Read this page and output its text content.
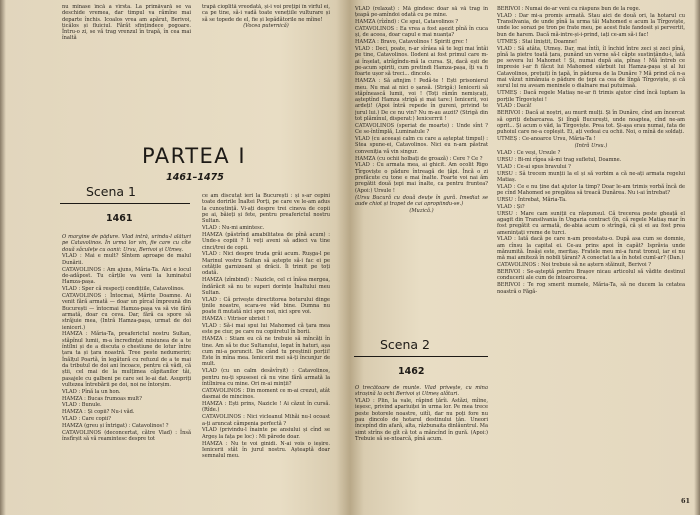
nu mînase încă a vîrsta. La primăvară se va deschide vremea, dar timpul va rămîne mai departe închis. Icoalos vrea am apărut, Berivoi, ticălos și fluiciul. Fărăt sfințindece pogoare. Întru-o zi, se vă trag vrenzul în trapă, în cea mai înaltă

trapă cioplită vreodată, și-i voi prețipi în vîrful ei, ca pe tine, să-i vadă toate venețiile vulturare și să se topede de el, fie și lepădătorile ne mîine!

(Vocea puternică)

PARTEA I
1461–1475
Scena 1
1461

O margine de pădure. Vlad intră, urîndu-l alături pe Catavolinos. În urma lor vin, fie care cu cîte două săculețe cu oanii: Ursu, Berivoi și Utmeș.

VLAD : Mai e mult? Sîntem aproape de malul Dunării.

CATAVOLINOS : Am ajuns, Măria-Ta. Aici e locul de-adăpost. Tu cărțile va veni la luminatul Hamza-pașa.

VLAD : Sper că respecți condițiile, Catavolinos.

CATAVOLINOS : Întocmai, Mărite Doamne. Ai venit fără armată — doar un pîrcal împreună din București — întocmai Hamza-pașa va să vie fără armată, doar cu ceva. Dar, fără ca spore să străjuie mea, (Intră Hamza-pașa, urmat de doi ieniceri.)

HAMZA : Măria-Ta, preaferictul nostru Sultan, stăpînul lumii, m-a încredințat misiunea de a te întîlni și de a discuta o chestiune de lotur între țara ta și țara noastră. Tree peste nedumeriri; Înălțul Poartă, în legătură cu refuzul de a te mai da tributul de doi ani încoace, pentru că vădi, că știi, cel mai de la mulțimea căpitanilor tăi, pasajele cu galbeni pe care sei le-ai dat. Asupriți vultezea întrebării pe doi, noi ne întorșim.

VLAD : Pînă la un hon.

HAMZA : Bucas frumoas mult?

VLAD : Bunule.

HAMZA : Și copii? Nu-i văd.

VLAD : Care copii?

HAMZA (greu și întrigat) : Catavolinos! ?

CATAVOLINOS (deconcertat, către Vlad) : Însă însfîrșit să vă reamintesc despre tot

ce am discutat ieri la București : și s-ar cepini toate doririle Înaltei Porți, pe care ve le-am adus la cunoștință. Vi-ați despre trei cineva de copii pe ai, băieți și fete, pentru preaferictul nostru Sultan.

VLAD : Nu-mi amintesc.

HAMZA (păstrînd amabilitatea de pînă acum) : Unde-s copiii ? Îi veți aveni să adieci va tine cinci/trei de copii.

VLAD : Nici despre truda grăi acum. Rușga-l pe Marinul vostru Sultan să aștepte să-i fac ei pe cetățile garnizoani și drăcii. Îi trimit pe toți odată.

HAMZA (zîmbind) : Nazicle, cel ci înăsa mergea, îndărăcit să nu te superi dorințe Înaltului meu Sultan.

VLAD : Că privește directitorea boturului dinge ținile noastre, scara-ve văd bine. Dumna nu poate fi mutată nici spre noi, nici spre voi.

HAMZA : Vitrisor ubrisit !

VLAD : Să-i mai spui lui Mahomed că țara mea este pe ciur, pe care nu copiiretul în borii.

HAMZA : Stiam eu că ne trebuie să mîncăți în tine. Am să te duc Sultanului, legat în haturi, așa cum mi-a poruncit. De când tu preștinii porții! Este în mîna mea. Ienicerii mei să-ți încunjur de mult.

VLAD (cu un calm desăvîrșit) : Catavolinos, pentru nu-ți spusesei că nu vine fără armată la întîlnirea cu mine. Ori m-ai minții?

CATAVOLINOS : Din moment ce m-ai crezut, atât dasmai de mincinos.

HAMZA : Ești prins, Nazicle ! Ai căzut în cursă. (Rîde.)

CATAVOLINOS : Nici vicleanul Mihăi nu-l ocoast a-ți aruncat câmpenia perfectă ?

VLAD (privindu-l înainte pe ansiului și cînd se Argeș la fața pe loc) : Mi părede doar.

HAMZA : Nu te voi ginidi. N-ai vois o ieșire. Ienicerii stăt în jurul nostru. Așteaptă doar semnalul meu.

VLAD (relaxat) : Mă gîndesc doar să vă trag în țeapă pe-amîndoi odată cu pe mine.

HAMZA (rîzînd) : Ce spui, Catavolinos ?

CATAVOLINOS : Ea vrea a fost așezit pînă în cuca și, de aceea, doar capul e mai nuanța?

HAMZA : Bravo, Catavolinos ! Spiriti grec !

VLAD : Deci, poate, n-ar sîrâea să te legi mai întâi pe tine, Catavolinos. Ilodeni ai fost primul care m-ai înșelat, atrăgîndu-mă la cursa. Și, dacă eșii de pe-acum spiriti, cum pretindi Hamza-pașa, îți va fi foarte ușor să treci... dincolo.

HAMZA : Să afinjim ! Pedă-te ! Ești prisonierul meu. Nu mai ai nici o șansă. (Strigă:) Ienicerii să stăpînească lumii, voi ! (Toți rămîn nemișcați, așteptînd Hamza strigă și mai tare:) Ienicerii, voi ardeți! (Apoi întră repede în gureni, privind te jurul lui.) De ce nu vin? Nu m-au auzit? (Strigă din tot plămînul, disperat:) Ienicerrrii !

CATAVOLINOS (speriat de moarte) : Unde sînt ? Ce se-întîmplă, Luminatule ?

VLAD (cu aceeași calm cu care a așteptat timpul) : Stea spune-ei, Catavolinos. Nici eu n-am păstrat conveniția vă vin singur.

HAMZA (cu ochii holbați de groază) : Cere ? Ce ?

VLAD : Cu armata mea, ai ghicit. Am ocolit Rigo Tîrgoviște o pădure întreagă de țăpi. Încă o zi prefăcute cu tone e mai înalte. Foarte voi nai ăm pregătit două țepi mai înalte, ca pentru fruntea? (Apoi:) Ursule !

(Ursu Bucură cu două deuțe în gură. Imediat se aude chiot și trapet de cai apropiindu-se.)

(Muzică.)

Scena 2
1462

O trecătoare de munte. Vlad privește, cu mîna strașină la ochi Berivoi și Utmeș alături.

VLAD : Plin, la vale, răpind țărîi. Astăzi, mîine, ieșesc, privind apariuiței în urma lor. Pe mea trece peste botorele noastre, uitîi, dar nu poți fore nu pau dincolo de hotarul destinului țăn. Uneori începînd din afară, alta, răzbunaita dinlăuntrul. Ma simt strîns de gît că tot a măncînd în gură. (Apoi:) Trebuie să se-ntoarcă, pînă acum.

BERIVOI : Numai de-ar veni cu răspuns bun de la rege.

VLAD : Dar mi-a promis armată. Stau aici de două ori, la hotarul cu Transilvania, de unde pînă la urma tăi Mahomed e acum la Tîrgoviște, unde loc sorazi pe tron pe frate meu, pe acest fiule fandosit și pervertit, bun de harem. Dacă mă-intre-și-i-prind, iați ce-am să-i fac!

UTMEȘ : Stai liniștit, Doamne!

VLAD : Să atâta, Utmeș. Dar, mai întîi, îl închid între zeci și zeci pînă, pînă la pietre toată țara, punând un verne să-l căpte sustințându-i, îată pe severa lui Mahomet ! Și, numai după aia, pînaș ! Mă întreb ce impresie i-ar fi făcut lui Mahomed siărbuit lui Hamza-pașa și al lui Catavolinos, prețuiți în țapă, în pădurea de la Dunăre ? Mă prind că n-a mai văzut nimănuia o pădure de țepi ca cea de lîngă Tîrgoviște, și că surul lui nu aveam meninele o dialnare mai putuimaă.

UTMEȘ : Dacă regele Matiaș ne-ar fi trimis ajutor cînd încă luptam la porțile Tîrgoviștei !

VLAD : Dacă!

BERIVOI : Dacă ai noștri, au murit mulți. Și în Dunăre, cînd am încercat să opriți debarcarea. Și lîngă București, unde noaptea, cînd ne-am oprit... Și acum o văd, la Tîrgoviște. Prea tot. Și-așa erau numai, fata de puhoiul care ne-a copleșit. Ei, ați vedeai cu ochii. Noi, o mînă de soldați.

UTMEȘ : Ce-anoarce Ursu, Măria-Ta !

(Intră Ursu.)

VLAD : Ce veși, Ursule ?

URSU : Bi-mi rîgea să-mi trag sufletul, Doamne.

VLAD : Ce-ai spus bravului ?

URSU : Sâ trecem munții la el și să vorbim a că ne-ați armata regelui Matiaș.

VLAD : Ce e nu ține dat ajutor la timp? Doar le-am trimis vorbă încă de pe cînd Mahomed se pregătea să treacă Dunărea. Nu i-ai întrebat?

URSU : Întrebat, Măria-Ta.

VLAD : Și?

URSU : Mare cam suniții cu răspunsul. Că trecerea peste gheață el agagit din Transilvania în Ungaria contract (în, că regele Matiaș mar în fost pregătit cu armată, de-abia acum o strîngă, că și ei au fost prea amenințați vreme de turci.

VLAD : Iată dacă pe care n-am preostatu-o. După asa cum se domnie, am cînsu la capital ei. Ce-au prins apoi în capăt? Isprăvia unde mănumită. Însăși este, meritaș. Fratele meu mi-a furat tronul, iar ei nu mă mai amiteză în nobili țărani? A conectat la a în hotel cuml-ar? (Dan.)

CATAVOLINOS : Noi trebuie să ne aștern stăinuit, Berivoi ?

BERIVOI : Se-așteptă pentru Brașov nicau articolul să vădite destinul conducerii ale cum de întoarcerea.

BERIVOI : Te rog smerit mumele, Măria-Ta, să ne ducem la cetatea noastră o Făgă-

61
